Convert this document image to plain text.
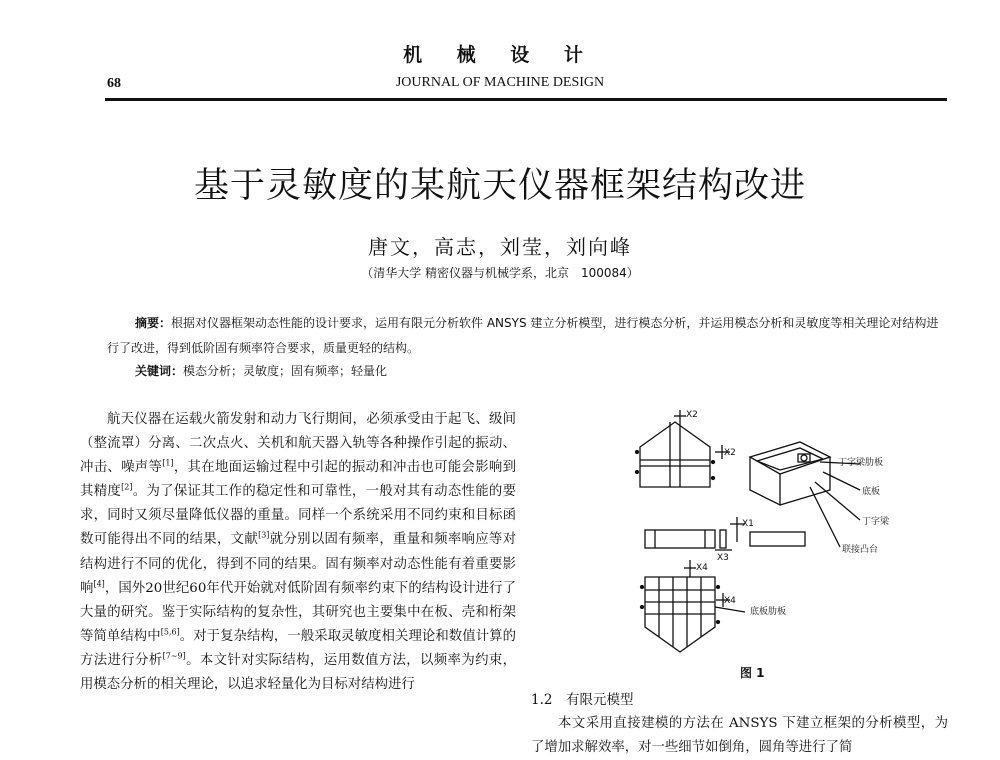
机 械 设 计
68	JOURNAL OF MACHINE DESIGN
基于灵敏度的某航天仪器框架结构改进
唐文，高志，刘莹，刘向峰
（清华大学 精密仪器与机械学系，北京　100084）

摘要：根据对仪器框架动态性能的设计要求，运用有限元分析软件 ANSYS 建立分析模型，进行模态分析，并运用模态分析和灵敏度等相关理论对结构进行了改进，得到低阶固有频率符合要求，质量更轻的结构。

关键词：模态分析；灵敏度；固有频率；轻量化

航天仪器在运载火箭发射和动力飞行期间，必须承受由于起飞、级间（整流罩）分离、二次点火、关机和航天器入轨等各种操作引起的振动、冲击、噪声等[1]，其在地面运输过程中引起的振动和冲击也可能会影响到其精度[2]。为了保证其工作的稳定性和可靠性，一般对其有动态性能的要求，同时又须尽量降低仪器的重量。同样一个系统采用不同约束和目标函数可能得出不同的结果，文献[3]就分别以固有频率，重量和频率响应等对结构进行不同的优化，得到不同的结果。固有频率对动态性能有着重要影响[4]，国外20世纪60年代开始就对低阶固有频率约束下的结构设计进行了大量的研究。鉴于实际结构的复杂性，其研究也主要集中在板、壳和桁架等简单结构中[5,6]。对于复杂结构，一般采取灵敏度相关理论和数值计算的方法进行分析[7~9]。本文针对实际结构，运用数值方法，以频率为约束，用模态分析的相关理论，以追求轻量化为目标对结构进行

X2
X2
丁字梁肋板
底板
丁字梁
联接凸台
X1
X3
X4
X4
底板肋板
图 1
1.2　有限元模型

本文采用直接建模的方法在 ANSYS 下建立框架的分析模型，为了增加求解效率，对一些细节如倒角，圆角等进行了简
